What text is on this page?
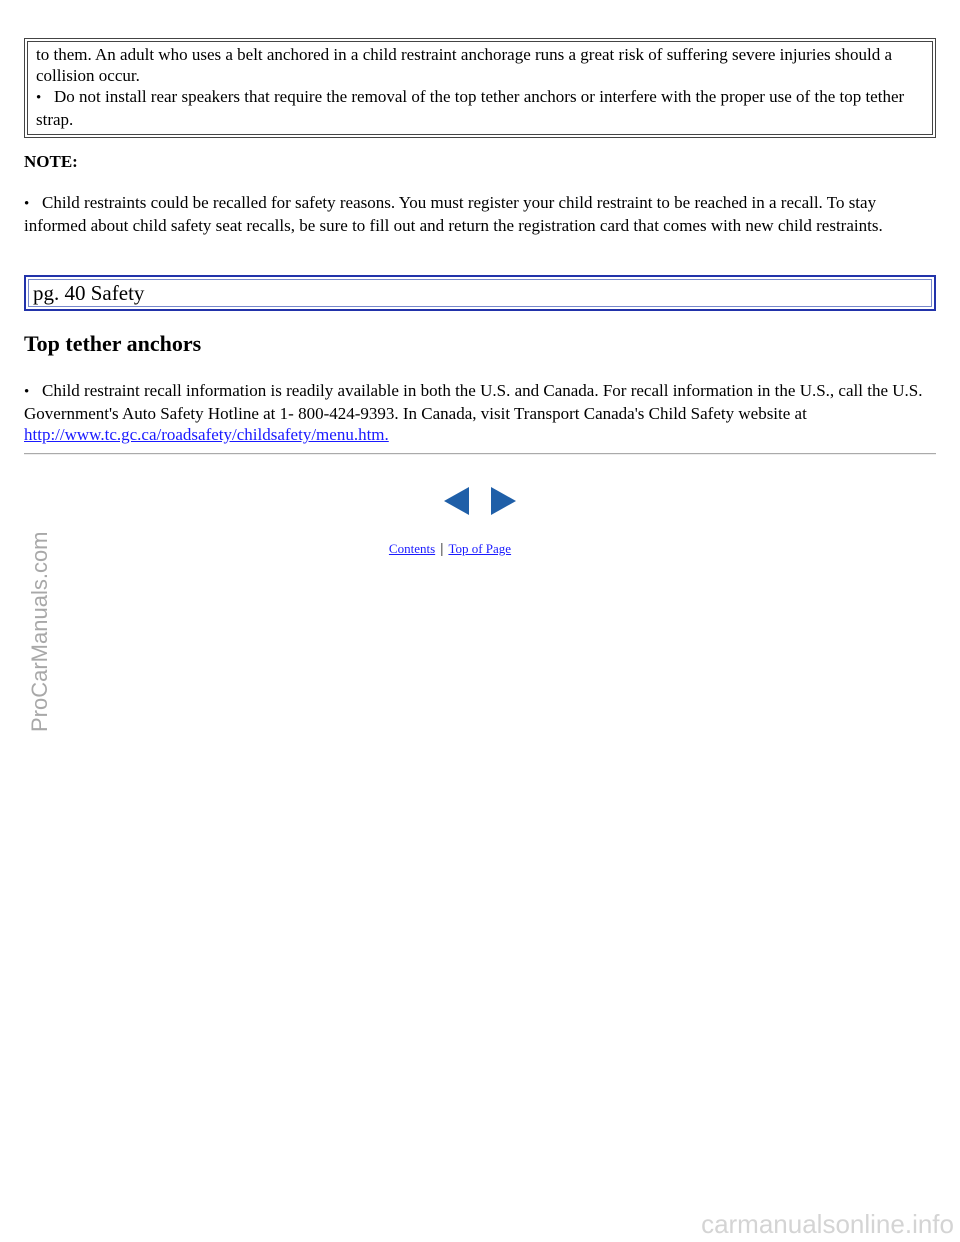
to them. An adult who uses a belt anchored in a child restraint anchorage runs a great risk of suffering severe injuries should a collision occur.
• Do not install rear speakers that require the removal of the top tether anchors or interfere with the proper use of the top tether strap.
NOTE:
• Child restraints could be recalled for safety reasons. You must register your child restraint to be reached in a recall. To stay informed about child safety seat recalls, be sure to fill out and return the registration card that comes with new child restraints.
pg. 40 Safety
Top tether anchors
• Child restraint recall information is readily available in both the U.S. and Canada. For recall information in the U.S., call the U.S. Government's Auto Safety Hotline at 1- 800-424-9393. In Canada, visit Transport Canada's Child Safety website at http://www.tc.gc.ca/roadsafety/childsafety/menu.htm.
Contents | Top of Page
ProCarManuals.com
carmanualsonline.info
